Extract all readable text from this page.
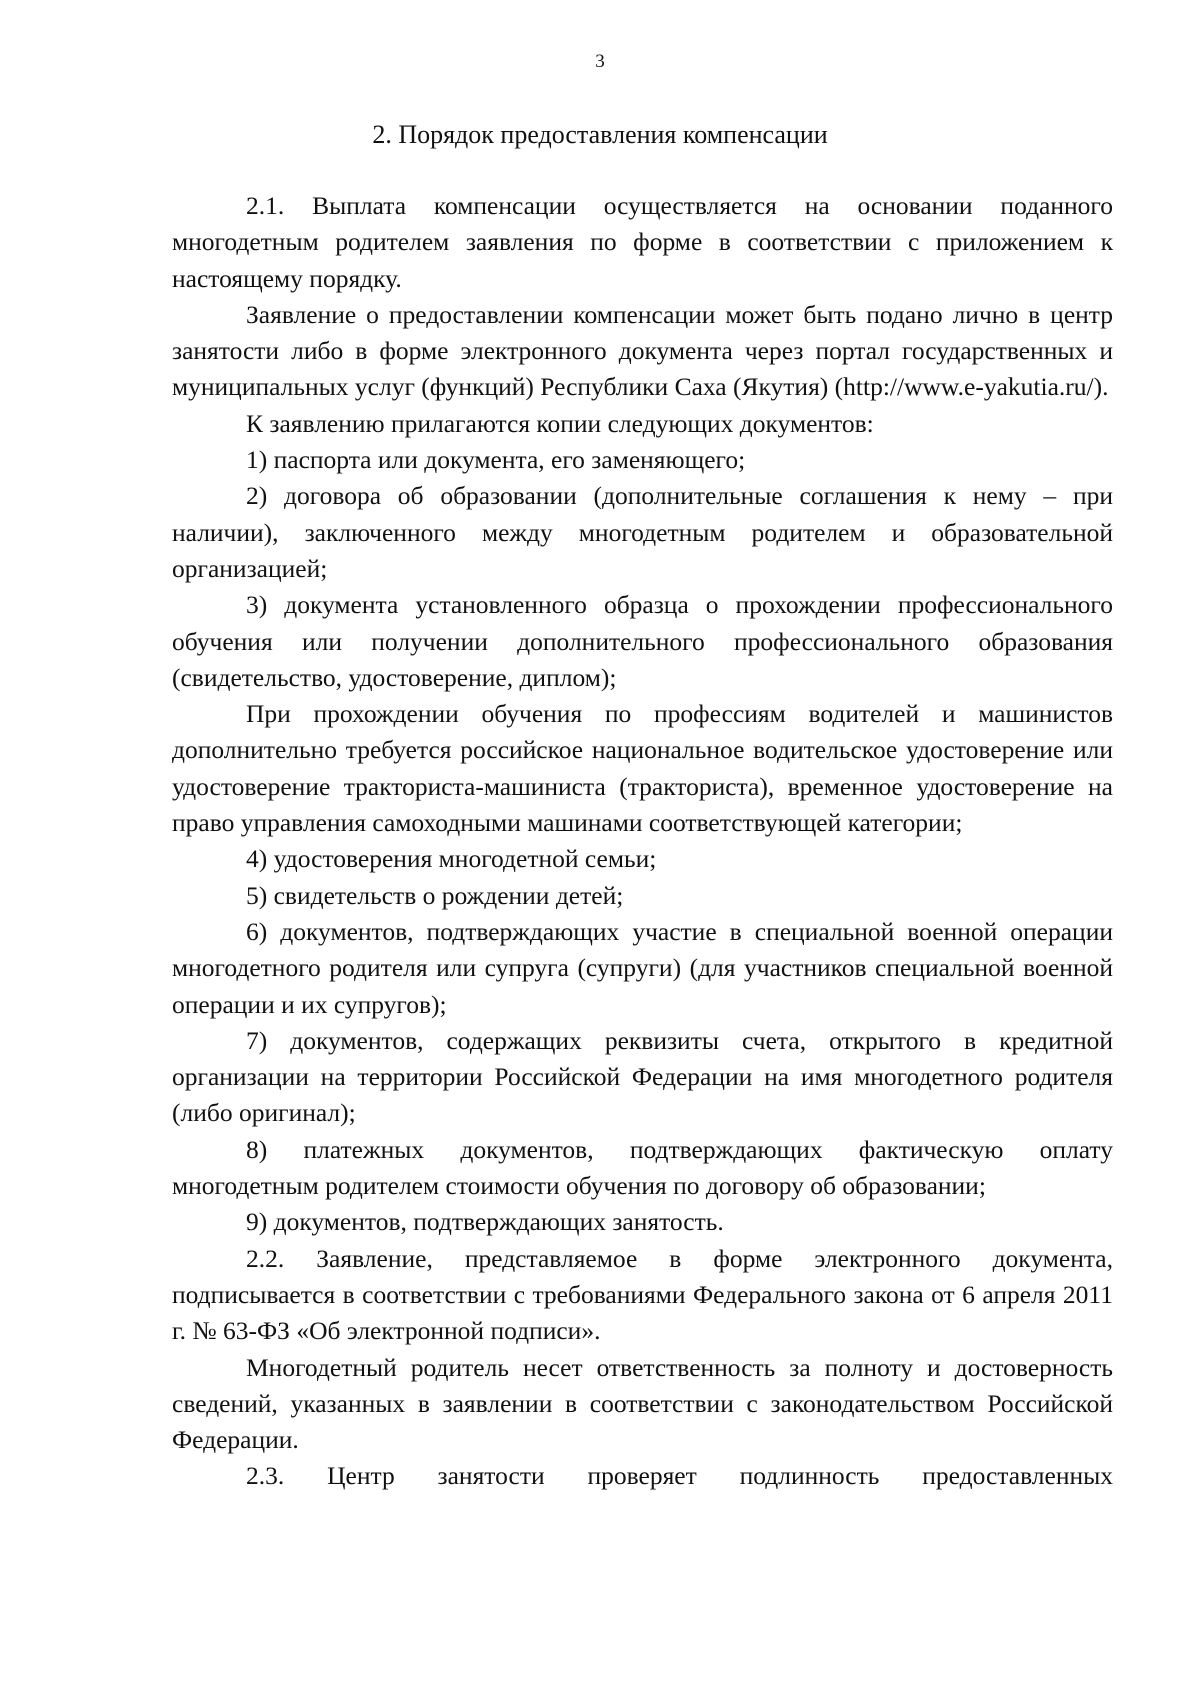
3
2. Порядок предоставления компенсации

2.1. Выплата компенсации осуществляется на основании поданного многодетным родителем заявления по форме в соответствии с приложением к настоящему порядку.

Заявление о предоставлении компенсации может быть подано лично в центр занятости либо в форме электронного документа через портал государственных и муниципальных услуг (функций) Республики Саха (Якутия) (http://www.e-yakutia.ru/).

К заявлению прилагаются копии следующих документов:

1) паспорта или документа, его заменяющего;

2) договора об образовании (дополнительные соглашения к нему – при наличии), заключенного между многодетным родителем и образовательной организацией;

3) документа установленного образца о прохождении профессионального обучения или получении дополнительного профессионального образования (свидетельство, удостоверение, диплом);

При прохождении обучения по профессиям водителей и машинистов дополнительно требуется российское национальное водительское удостоверение или удостоверение тракториста-машиниста (тракториста), временное удостоверение на право управления самоходными машинами соответствующей категории;

4) удостоверения многодетной семьи;

5) свидетельств о рождении детей;

6) документов, подтверждающих участие в специальной военной операции многодетного родителя или супруга (супруги) (для участников специальной военной операции и их супругов);

7) документов, содержащих реквизиты счета, открытого в кредитной организации на территории Российской Федерации на имя многодетного родителя (либо оригинал);

8) платежных документов, подтверждающих фактическую оплату многодетным родителем стоимости обучения по договору об образовании;

9) документов, подтверждающих занятость.

2.2. Заявление, представляемое в форме электронного документа, подписывается в соответствии с требованиями Федерального закона от 6 апреля 2011 г. № 63-ФЗ «Об электронной подписи».

Многодетный родитель несет ответственность за полноту и достоверность сведений, указанных в заявлении в соответствии с законодательством Российской Федерации.

2.3. Центр занятости проверяет подлинность предоставленных
